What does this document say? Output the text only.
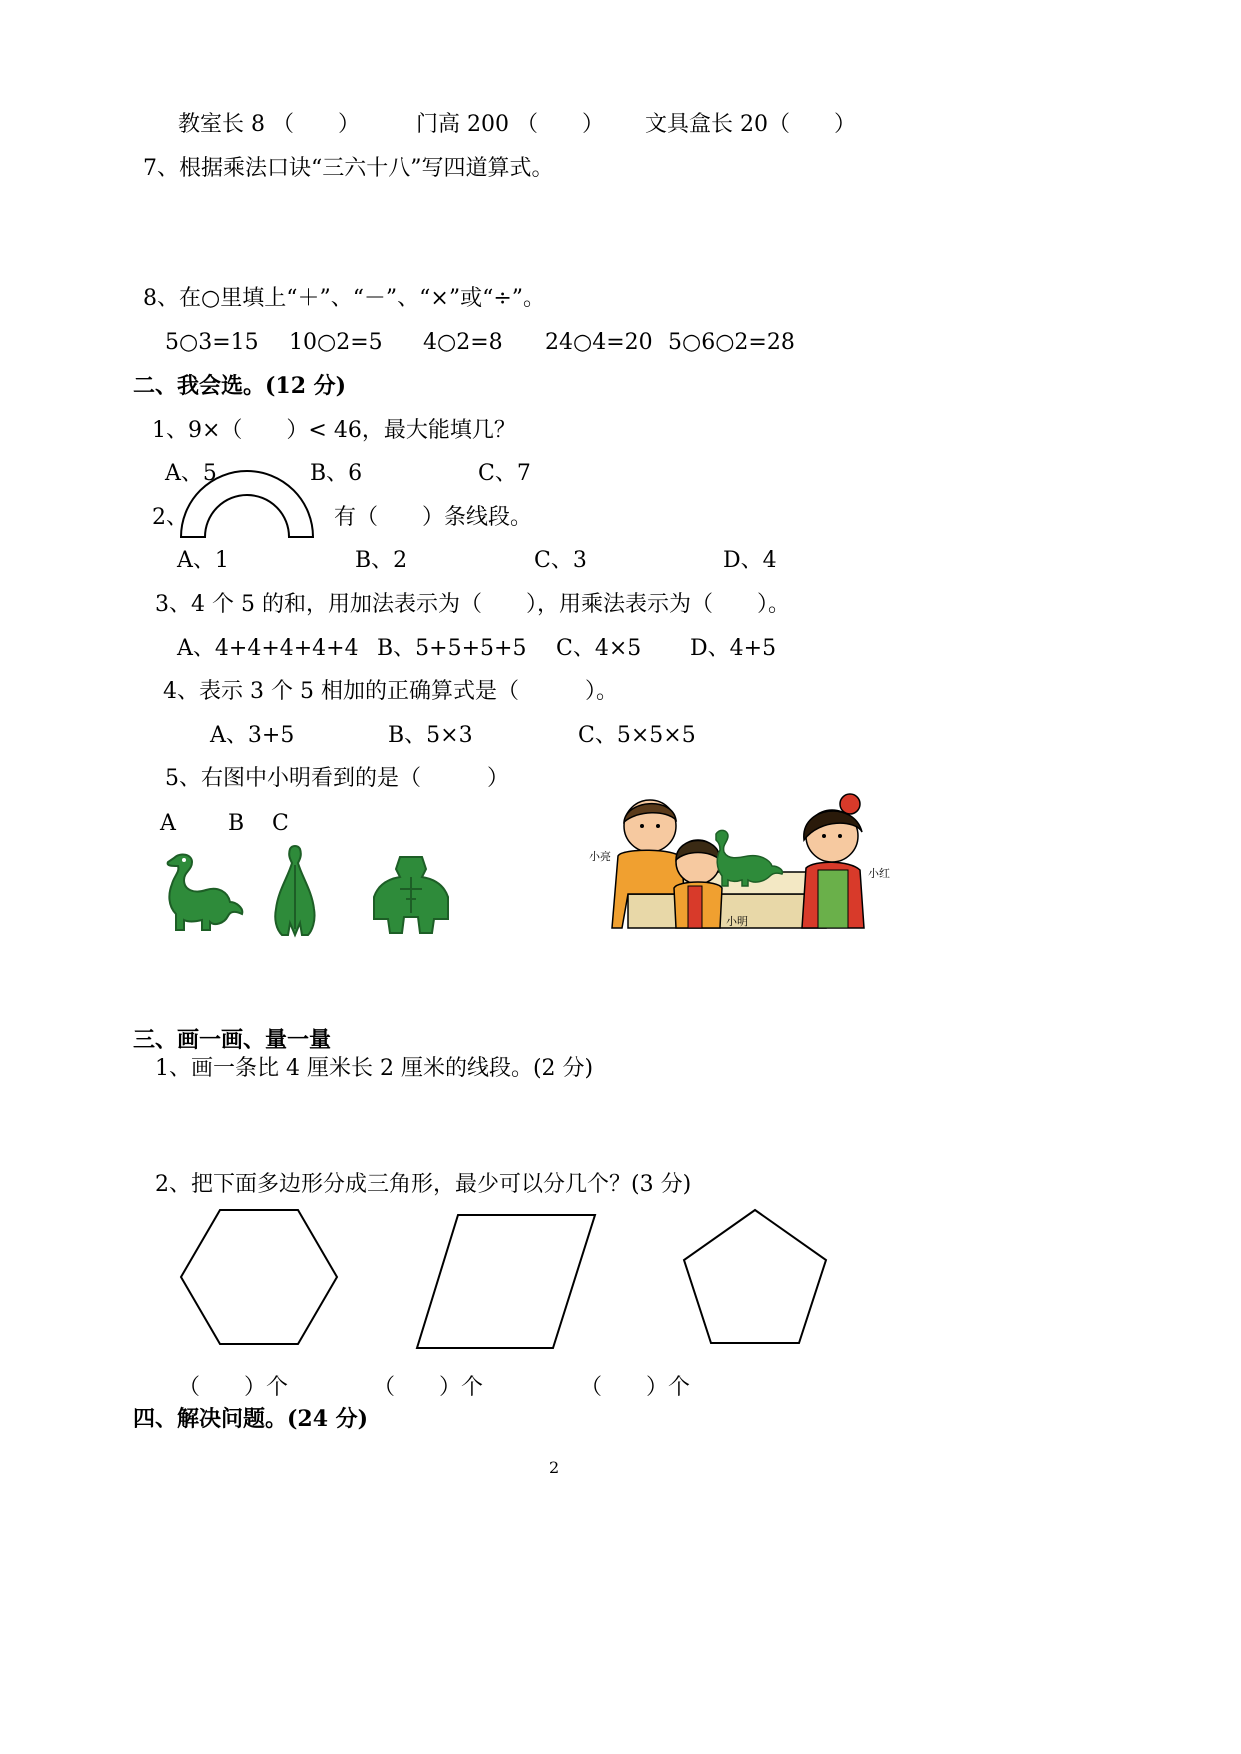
教室长 8 （　　）	门高 200 （　　） 文具盒长 20（　　）
7、根据乘法口诀“三六十八”写四道算式。
8、在○里填上“＋”、“－”、“×”或“÷”。
5○3=15 10○2=5 4○2=8 24○4=20 5○6○2=28
二、我会选。(12 分)
1、9×（　　）< 46，最大能填几？
A、5	B、6	C、7
2、	有（　　）条线段。
A、1	B、2	C、3	D、4
3、4 个 5 的和，用加法表示为（　　），用乘法表示为（　　）。
A、4+4+4+4+4 B、5+5+5+5 C、4×5 D、4+5
4、表示 3 个 5 相加的正确算式是（　　　）。
A、3+5	B、5×3	C、5×5×5
5、右图中小明看到的是（　　　）
A B C
小亮
小红
小明
三、画一画、量一量
1、画一条比 4 厘米长 2 厘米的线段。(2 分)
2、把下面多边形分成三角形，最少可以分几个？(3 分)
（　　）个	（　　）个	（　　）个
四、解决问题。(24 分)
2
